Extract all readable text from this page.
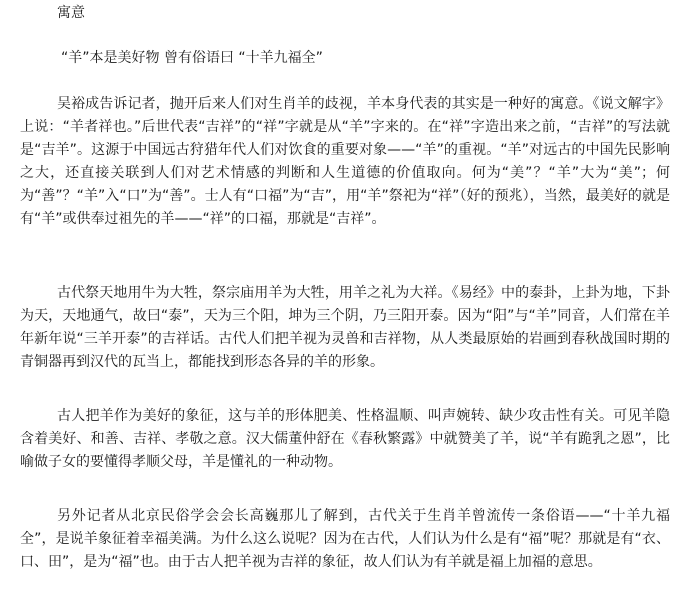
寓意
“羊”本是美好物 曾有俗语曰 “十羊九福全”

吴裕成告诉记者，抛开后来人们对生肖羊的歧视，羊本身代表的其实是一种好的寓意。《说文解字》上说：“羊者祥也。”后世代表“吉祥”的“祥”字就是从“羊”字来的。在“祥”字造出来之前，“吉祥”的写法就是“吉羊”。这源于中国远古狩猎年代人们对饮食的重要对象——“羊”的重视。“羊”对远古的中国先民影响之大，还直接关联到人们对艺术情感的判断和人生道德的价值取向。何为“美”？“羊”大为“美”；何为“善”？“羊”入“口”为“善”。士人有“口福”为“吉”，用“羊”祭祀为“祥”（好的预兆），当然，最美好的就是有“羊”或供奉过祖先的羊——“祥”的口福，那就是“吉祥”。

古代祭天地用牛为大牲，祭宗庙用羊为大牲，用羊之礼为大祥。《易经》中的泰卦，上卦为地，下卦为天，天地通气，故曰“泰”，天为三个阳，坤为三个阴，乃三阳开泰。因为“阳”与“羊”同音，人们常在羊年新年说“三羊开泰”的吉祥话。古代人们把羊视为灵兽和吉祥物，从人类最原始的岩画到春秋战国时期的青铜器再到汉代的瓦当上，都能找到形态各异的羊的形象。

古人把羊作为美好的象征，这与羊的形体肥美、性格温顺、叫声婉转、缺少攻击性有关。可见羊隐含着美好、和善、吉祥、孝敬之意。汉大儒董仲舒在《春秋繁露》中就赞美了羊，说“羊有跪乳之恩”，比喻做子女的要懂得孝顺父母，羊是懂礼的一种动物。

另外记者从北京民俗学会会长高巍那儿了解到，古代关于生肖羊曾流传一条俗语——“十羊九福全”，是说羊象征着幸福美满。为什么这么说呢？因为在古代，人们认为什么是有“福”呢？那就是有“衣、口、田”，是为“福”也。由于古人把羊视为吉祥的象征，故人们认为有羊就是福上加福的意思。
